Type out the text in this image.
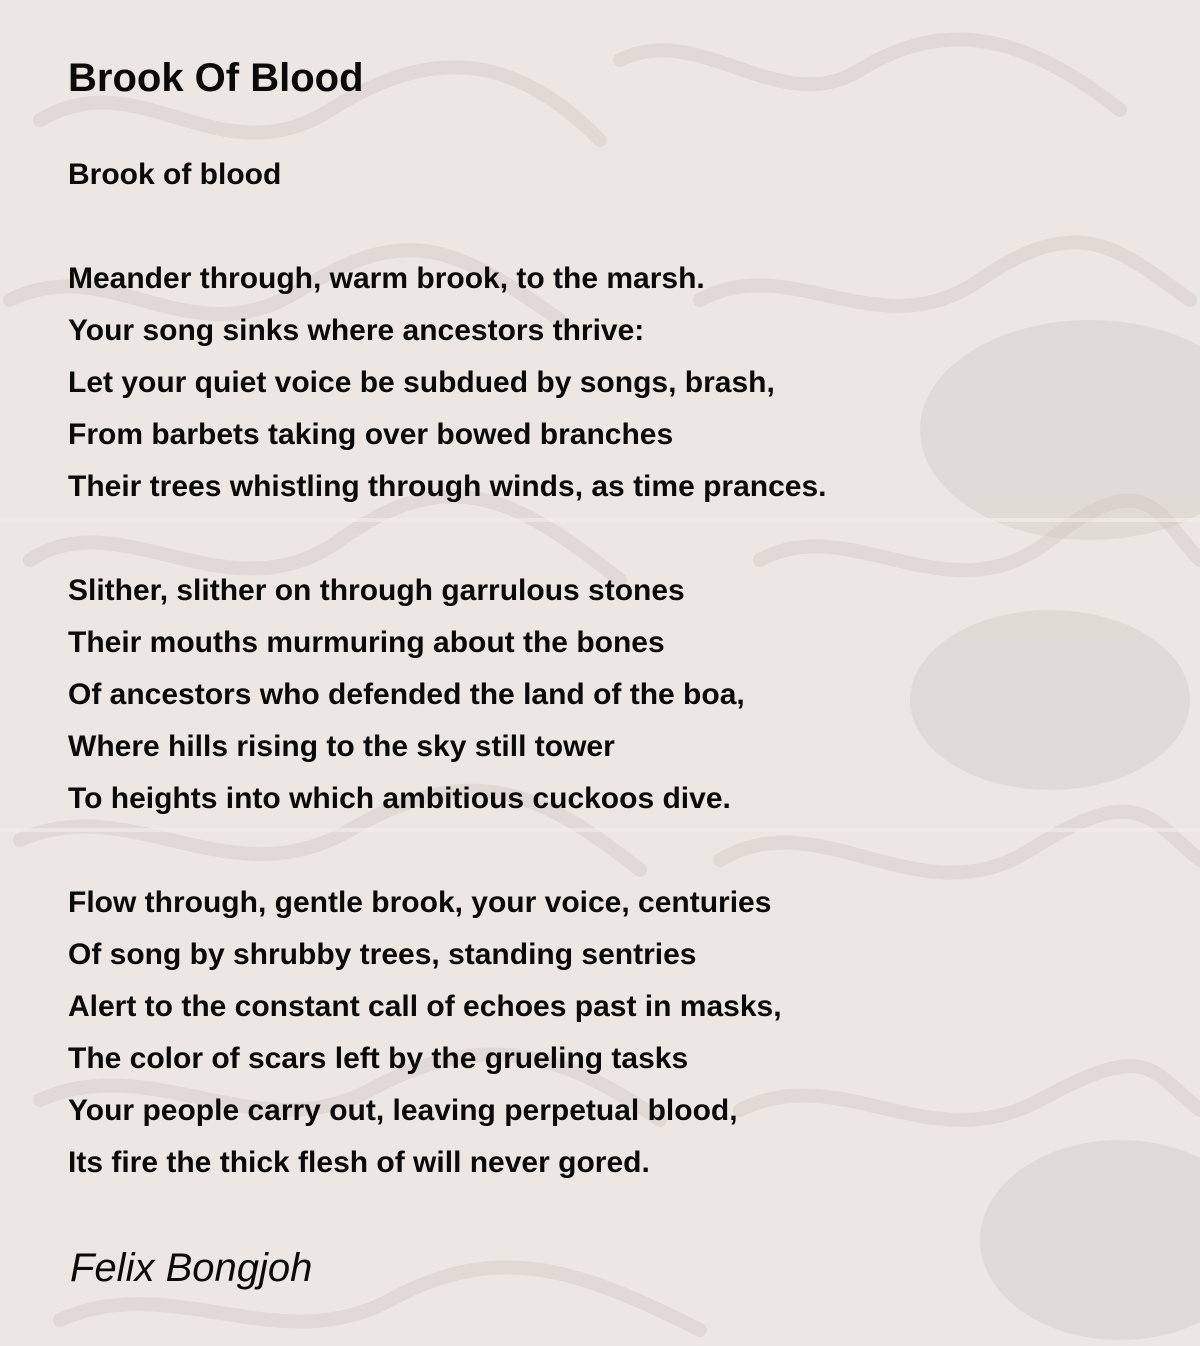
Brook Of Blood
Brook of blood
Meander through, warm brook, to the marsh.
Your song sinks where ancestors thrive:
Let your quiet voice be subdued by songs, brash,
From barbets taking over bowed branches
Their trees whistling through winds, as time prances.
Slither, slither on through garrulous stones
Their mouths murmuring about the bones
Of ancestors who defended the land of the boa,
Where hills rising to the sky still tower
To heights into which ambitious cuckoos dive.
Flow through, gentle brook, your voice, centuries
Of song by shrubby trees, standing sentries
Alert to the constant call of echoes past in masks,
The color of scars left by the grueling tasks
Your people carry out, leaving perpetual blood,
Its fire the thick flesh of will never gored.
Felix Bongjoh
